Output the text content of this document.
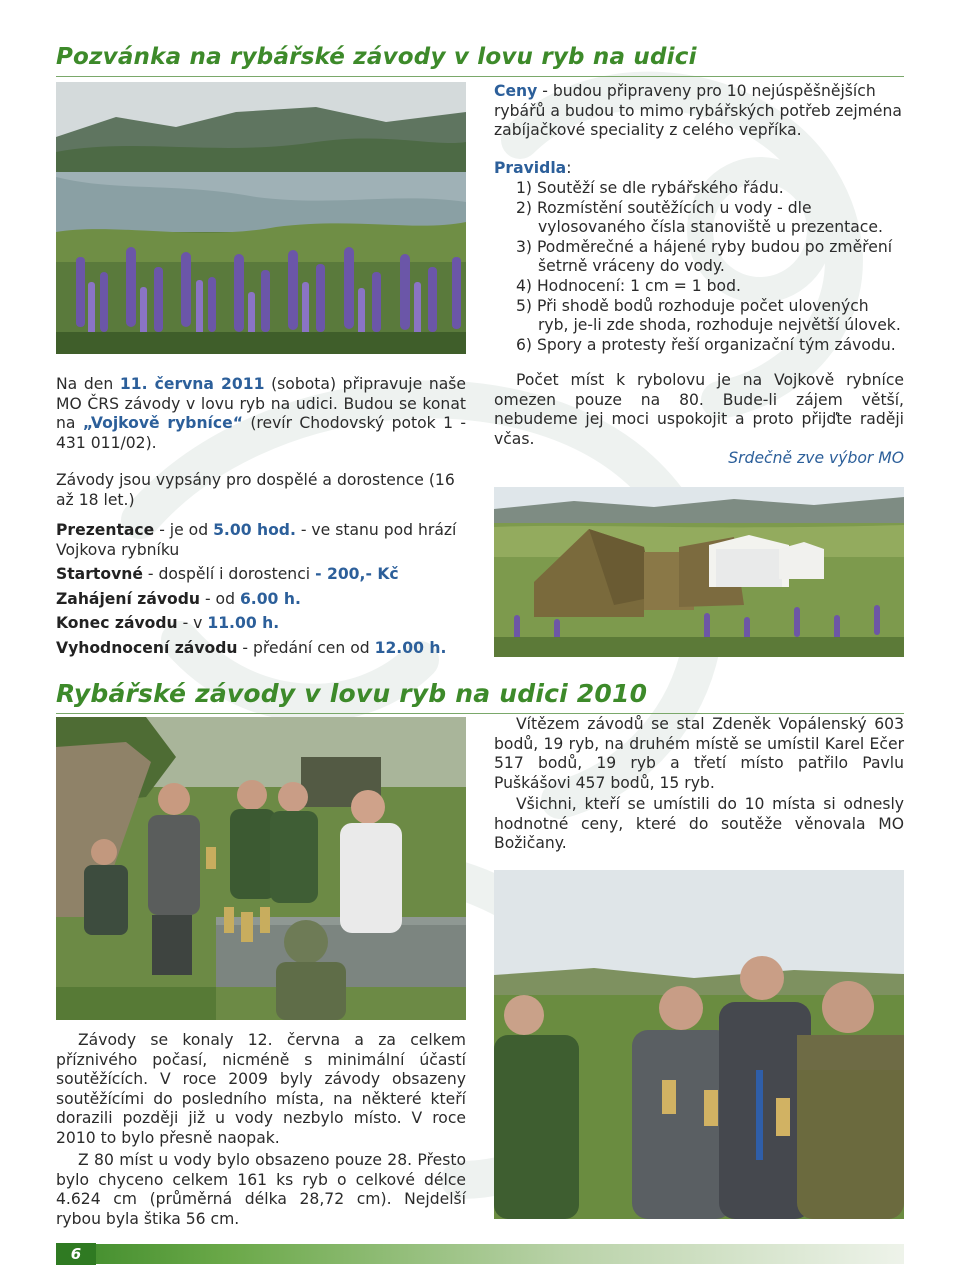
Pozvánka na rybářské závody v lovu ryb na udici
Ceny - budou připraveny pro 10 nejúspěšnějších rybářů a budou to mimo rybářských potřeb zejména zabíjačkové speciality z celého vepříka.
Pravidla:
1) Soutěží se dle rybářského řádu.
2) Rozmístění soutěžících u vody - dle vylosovaného čísla stanoviště u prezentace.
3) Podměrečné a hájené ryby budou po změření šetrně vráceny do vody.
4) Hodnocení: 1 cm = 1 bod.
5) Při shodě bodů rozhoduje počet ulovených ryb, je-li zde shoda, rozhoduje největší úlovek.
6) Spory a protesty řeší organizační tým závodu.
Na den 11. června 2011 (sobota) připravuje naše MO ČRS závody v lovu ryb na udici. Budou se konat na „Vojkově rybníce“ (revír Chodovský potok 1 - 431 011/02).
Závody jsou vypsány pro dospělé a dorostence (16 až 18 let.)
Prezentace - je od 5.00 hod. - ve stanu pod hrází Vojkova rybníku
Startovné - dospělí i dorostenci - 200,- Kč
Zahájení závodu - od 6.00 h.
Konec závodu - v 11.00 h.
Vyhodnocení závodu - předání cen od 12.00 h.
Počet míst k rybolovu je na Vojkově rybníce omezen pouze na 80. Bude-li zájem větší, nebudeme jej moci uspokojit a proto přijďte raději včas.
Srdečně zve výbor MO
Rybářské závody v lovu ryb na udici 2010
Vítězem závodů se stal Zdeněk Vopálenský 603 bodů, 19 ryb, na druhém místě se umístil Karel Ečer 517 bodů, 19 ryb a třetí místo patřilo Pavlu Puškášovi 457 bodů, 15 ryb.
Všichni, kteří se umístili do 10 místa si odnesly hodnotné ceny, které do soutěže věnovala MO Božičany.
Závody se konaly 12. června a za celkem příznivého počasí, nicméně s minimální účastí soutěžících. V roce 2009 byly závody obsazeny soutěžícími do posledního místa, na některé kteří dorazili později již u vody nezbylo místo. V roce 2010 to bylo přesně naopak.
Z 80 míst u vody bylo obsazeno pouze 28. Přesto bylo chyceno celkem 161 ks ryb o celkové délce 4.624 cm (průměrná délka 28,72 cm). Nejdelší rybou byla štika 56 cm.
6
